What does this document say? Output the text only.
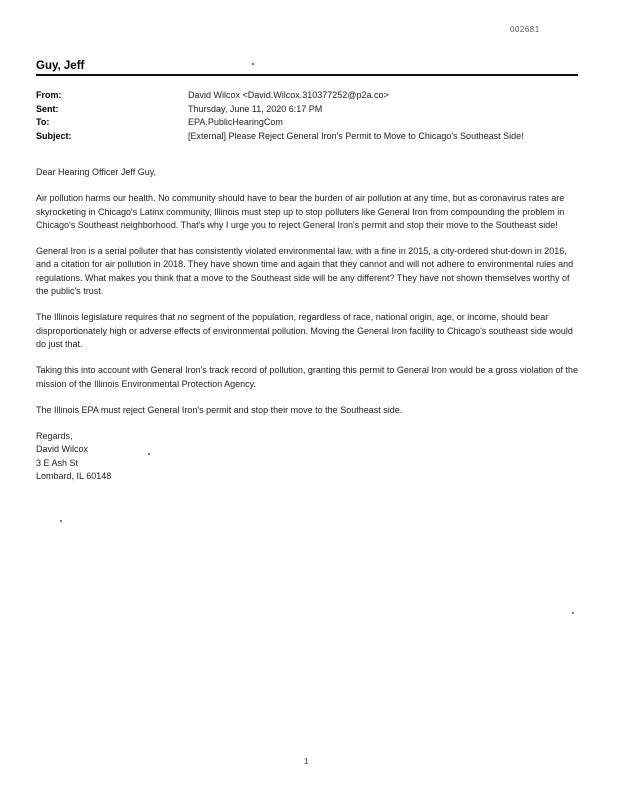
002681
Guy, Jeff
From:	David Wilcox <David.Wilcox.310377252@p2a.co>
Sent:	Thursday, June 11, 2020 6:17 PM
To:	EPA.PublicHearingCom
Subject:	[External] Please Reject General Iron's Permit to Move to Chicago's Southeast Side!

Dear Hearing Officer Jeff Guy,

Air pollution harms our health. No community should have to bear the burden of air pollution at any time, but as coronavirus rates are skyrocketing in Chicago's Latinx community, Illinois must step up to stop polluters like General Iron from compounding the problem in Chicago's Southeast neighborhood. That's why I urge you to reject General Iron's permit and stop their move to the Southeast side!

General Iron is a serial polluter that has consistently violated environmental law, with a fine in 2015, a city-ordered shut-down in 2016, and a citation for air pollution in 2018. They have shown time and again that they cannot and will not adhere to environmental rules and regulations. What makes you think that a move to the Southeast side will be any different? They have not shown themselves worthy of the public's trust.

The Illinois legislature requires that no segment of the population, regardless of race, national origin, age, or income, should bear disproportionately high or adverse effects of environmental pollution. Moving the General Iron facility to Chicago's southeast side would do just that.

Taking this into account with General Iron's track record of pollution, granting this permit to General Iron would be a gross violation of the mission of the Illinois Environmental Protection Agency.

The Illinois EPA must reject General Iron's permit and stop their move to the Southeast side.

Regards,
David Wilcox
3 E Ash St
Lombard, IL 60148
1
